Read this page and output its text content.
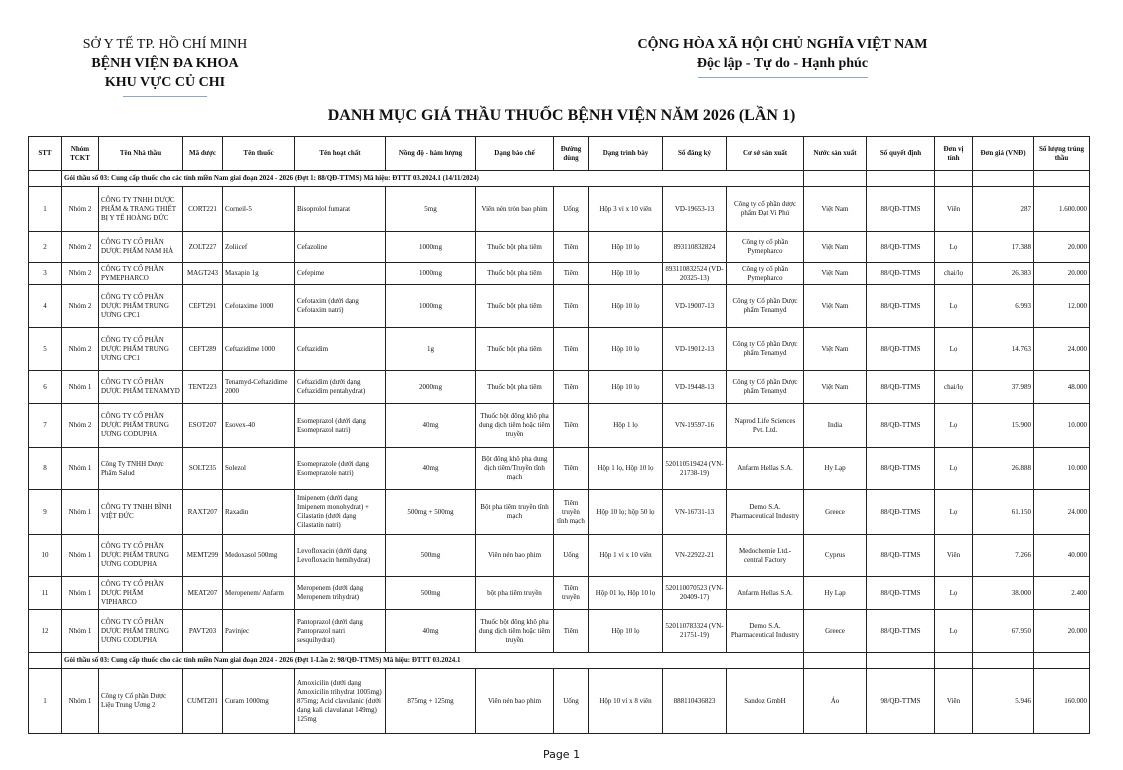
SỞ Y TẾ TP. HỒ CHÍ MINH
BỆNH VIỆN ĐA KHOA
KHU VỰC CỦ CHI
CỘNG HÒA XÃ HỘI CHỦ NGHĨA VIỆT NAM
Độc lập - Tự do - Hạnh phúc
DANH MỤC GIÁ THẦU THUỐC BỆNH VIỆN NĂM 2026 (LẦN 1)
STT	Nhóm TCKT	Tên Nhà thầu	Mã dược	Tên thuốc	Tên hoạt chất	Nồng độ - hàm lượng	Dạng bào chế	Đường dùng	Dạng trình bày	Số đăng ký	Cơ sở sản xuất	Nước sản xuất	Số quyết định	Đơn vị tính	Đơn giá (VNĐ)	Số lượng trúng thầu
	Gói thầu số 03: Cung cấp thuốc cho các tỉnh miền Nam giai đoạn 2024 - 2026 (Đợt 1: 88/QĐ-TTMS) Mã hiệu: ĐTTT 03.2024.1 (14/11/2024)															
1	Nhóm 2	CÔNG TY TNHH DƯỢC PHẨM & TRANG THIẾT BỊ Y TẾ HOÀNG ĐỨC	CORT221	Corneil-5	Bisoprolol fumarat	5mg	Viên nén tròn bao phim	Uống	Hộp 3 vỉ x 10 viên	VD-19653-13	Công ty cổ phần dược phẩm Đạt Vi Phú	Việt Nam	88/QĐ-TTMS	Viên	287	1.600.000
2	Nhóm 2	CÔNG TY CỔ PHẦN DƯỢC PHẨM NAM HÀ	ZOLT227	Zoliicef	Cefazoline	1000mg	Thuốc bột pha tiêm	Tiêm	Hộp 10 lọ	893110832824	Công ty cổ phần Pymepharco	Việt Nam	88/QĐ-TTMS	Lọ	17.388	20.000
3	Nhóm 2	CÔNG TY CỔ PHẦN PYMEPHARCO	MAGT243	Maxapin 1g	Cefepime	1000mg	Thuốc bột pha tiêm	Tiêm	Hộp 10 lọ	893110832524 (VD-20325-13)	Công ty cổ phần Pymepharco	Việt Nam	88/QĐ-TTMS	chai/lọ	26.383	20.000
4	Nhóm 2	CÔNG TY CỔ PHẦN DƯỢC PHẨM TRUNG ƯƠNG CPC1	CEFT291	Cefotaxime 1000	Cefotaxim (dưới dạng Cefotaxim natri)	1000mg	Thuốc bột pha tiêm	Tiêm	Hộp 10 lọ	VD-19007-13	Công ty Cổ phần Dược phẩm Tenamyd	Việt Nam	88/QĐ-TTMS	Lọ	6.993	12.000
5	Nhóm 2	CÔNG TY CỔ PHẦN DƯỢC PHẨM TRUNG ƯƠNG CPC1	CEFT289	Ceftazidime 1000	Ceftazidim	1g	Thuốc bột pha tiêm	Tiêm	Hộp 10 lọ	VD-19012-13	Công ty Cổ phần Dược phẩm Tenamyd	Việt Nam	88/QĐ-TTMS	Lọ	14.763	24.000
6	Nhóm 1	CÔNG TY CỔ PHẦN DƯỢC PHẨM TENAMYD	TENT223	Tenamyd-Ceftazidime 2000	Ceftazidim (dưới dạng Ceftazidim pentahydrat)	2000mg	Thuốc bột pha tiêm	Tiêm	Hộp 10 lọ	VD-19448-13	Công ty Cổ phần Dược phẩm Tenamyd	Việt Nam	88/QĐ-TTMS	chai/lọ	37.989	48.000
7	Nhóm 2	CÔNG TY CỔ PHẦN DƯỢC PHẨM TRUNG ƯƠNG CODUPHA	ESOT207	Esovex-40	Esomeprazol (dưới dạng Esomeprazol natri)	40mg	Thuốc bột đông khô pha dung dịch tiêm hoặc tiêm truyền	Tiêm	Hộp 1 lọ	VN-19597-16	Naprod Life Sciences Pvt. Ltd.	India	88/QĐ-TTMS	Lọ	15.900	10.000
8	Nhóm 1	Công Ty TNHH Dược Phẩm Salud	SOLT235	Solezol	Esomeprazole (dưới dạng Esomeprazole natri)	40mg	Bột đông khô pha dung dịch tiêm/Truyền tĩnh mạch	Tiêm	Hộp 1 lọ, Hộp 10 lọ	520110519424 (VN-21738-19)	Anfarm Hellas S.A.	Hy Lạp	88/QĐ-TTMS	Lọ	26.888	10.000
9	Nhóm 1	CÔNG TY TNHH BÌNH VIỆT ĐỨC	RAXT207	Raxadin	Imipenem (dưới dạng Imipenem monohydrat) + Cilastatin (dưới dạng Cilastatin natri)	500mg + 500mg	Bột pha tiêm truyền tĩnh mạch	Tiêm truyền tĩnh mạch	Hộp 10 lọ; hộp 50 lọ	VN-16731-13	Demo S.A. Pharmaceutical Industry	Greece	88/QĐ-TTMS	Lọ	61.150	24.000
10	Nhóm 1	CÔNG TY CỔ PHẦN DƯỢC PHẨM TRUNG ƯƠNG CODUPHA	MEMT299	Medoxasol 500mg	Levofloxacin (dưới dạng Levofloxacin hemihydrat)	500mg	Viên nén bao phim	Uống	Hộp 1 vỉ x 10 viên	VN-22922-21	Medochemie Ltd.- central Factory	Cyprus	88/QĐ-TTMS	Viên	7.266	40.000
11	Nhóm 1	CÔNG TY CỔ PHẦN DƯỢC PHẨM VIPHARCO	MEAT207	Meropenem/ Anfarm	Meropenem (dưới dạng Meropenem trihydrat)	500mg	bột pha tiêm truyền	Tiêm truyền	Hộp 01 lọ, Hộp 10 lọ	520110070523 (VN-20409-17)	Anfarm Hellas S.A.	Hy Lạp	88/QĐ-TTMS	Lọ	38.000	2.400
12	Nhóm 1	CÔNG TY CỔ PHẦN DƯỢC PHẨM TRUNG ƯƠNG CODUPHA	PAVT203	Pavinjec	Pantoprazol (dưới dạng Pantoprazol natri sesquihydrat)	40mg	Thuốc bột đông khô pha dung dịch tiêm hoặc tiêm truyền	Tiêm	Hộp 10 lọ	520110783324 (VN-21751-19)	Demo S.A. Pharmaceutical Industry	Greece	88/QĐ-TTMS	Lọ	67.950	20.000
	Gói thầu số 03: Cung cấp thuốc cho các tỉnh miền Nam giai đoạn 2024 - 2026 (Đợt 1-Lần 2: 98/QĐ-TTMS) Mã hiệu: ĐTTT 03.2024.1															
1	Nhóm 1	Công ty Cổ phần Dược Liệu Trung Ương 2	CUMT201	Curam 1000mg	Amoxicilin (dưới dạng Amoxicilin trihydrat 1005mg) 875mg; Acid clavulanic (dưới dạng kali clavulanat 149mg) 125mg	875mg + 125mg	Viên nén bao phim	Uống	Hộp 10 vỉ x 8 viên	888110436823	Sandoz GmbH	Áo	98/QĐ-TTMS	Viên	5.946	160.000
Page 1
